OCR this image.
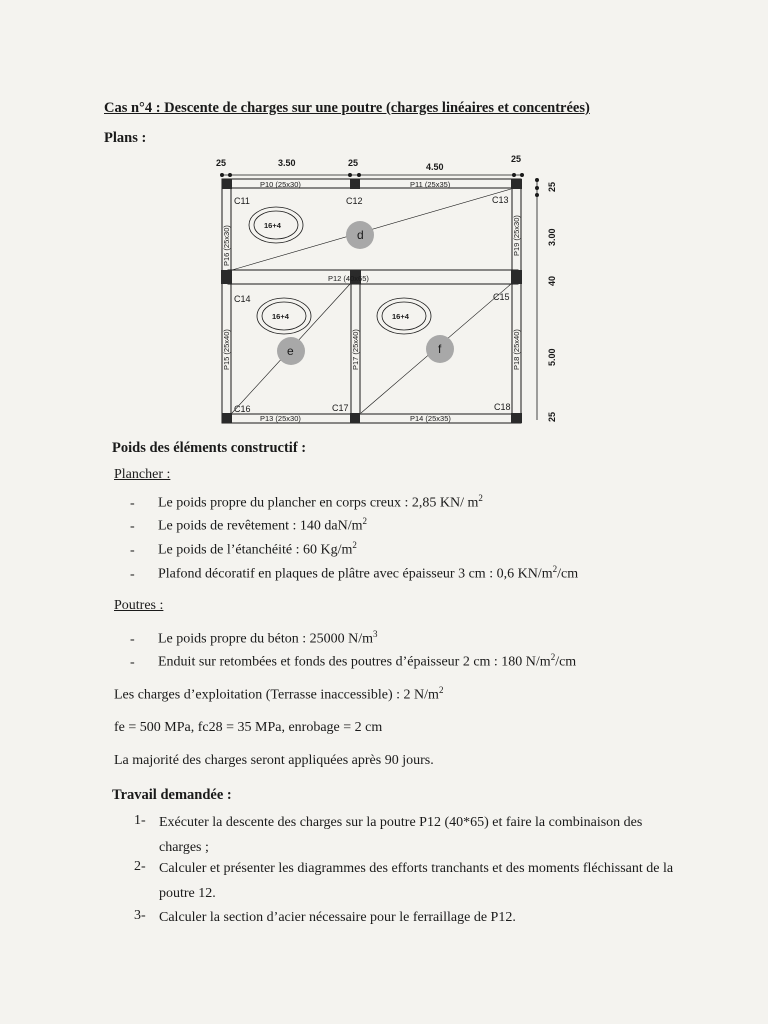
Cas n°4 : Descente de charges sur une poutre (charges linéaires et concentrées)
Plans :
25	3.50	25	4.50
25
25
3.00
40
5.00
25
P10 (25x30)	P11 (25x35)
P12 (40x65)
P13 (25x30)	P14 (25x35)
P16 (25x30)
P15 (25x40)	P17 (25x40)	P18 (25x40)
P19 (25x30)
C11	C12	C13
C14	C15
C16	C17	C18
16+4
16+4	16+4
d
e	f
Poids des éléments constructif :
Plancher :
- Le poids propre du plancher en corps creux : 2,85 KN/ $m^2$
- Le poids de revêtement : 140 daN/$m^2$
- Le poids de l’étanchéité : 60 $Kg/m^2$
- Plafond décoratif en plaques de plâtre avec épaisseur 3 cm : 0,6 $KN/m^2/cm$
Poutres :
- Le poids propre du béton : 25000 $N/m^3$
- Enduit sur retombées et fonds des poutres d’épaisseur 2 cm : 180 $N/m^2/cm$
Les charges d’exploitation (Terrasse inaccessible) : 2 $N/m^2$
fe = 500 MPa, fc28 = 35 MPa, enrobage = 2 cm
La majorité des charges seront appliquées après 90 jours.
Travail demandée :
1- Exécuter la descente des charges sur la poutre P12 (40*65) et faire la combinaison des charges ;
2- Calculer et présenter les diagrammes des efforts tranchants et des moments fléchissant de la poutre 12.
3- Calculer la section d’acier nécessaire pour le ferraillage de P12.
